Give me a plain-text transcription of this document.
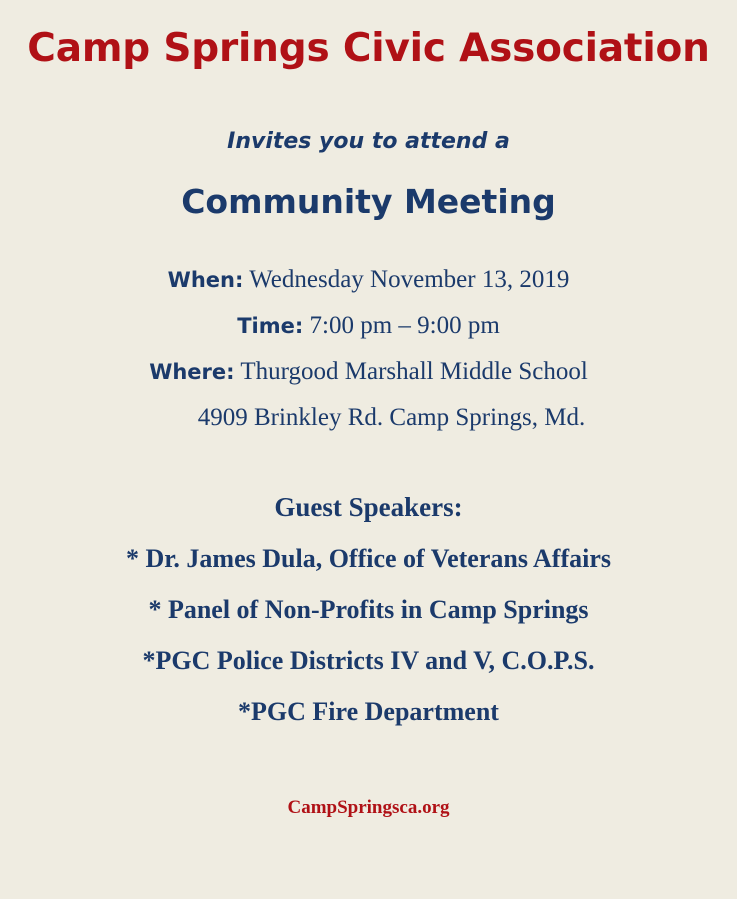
Camp Springs Civic Association
Invites you to attend a
Community Meeting
When: Wednesday November 13, 2019
Time: 7:00 pm – 9:00 pm
Where: Thurgood Marshall Middle School
4909 Brinkley Rd. Camp Springs, Md.
Guest Speakers:
* Dr. James Dula, Office of Veterans Affairs
* Panel of Non-Profits in Camp Springs
*PGC Police Districts IV and V, C.O.P.S.
*PGC Fire Department
CampSpringsca.org
